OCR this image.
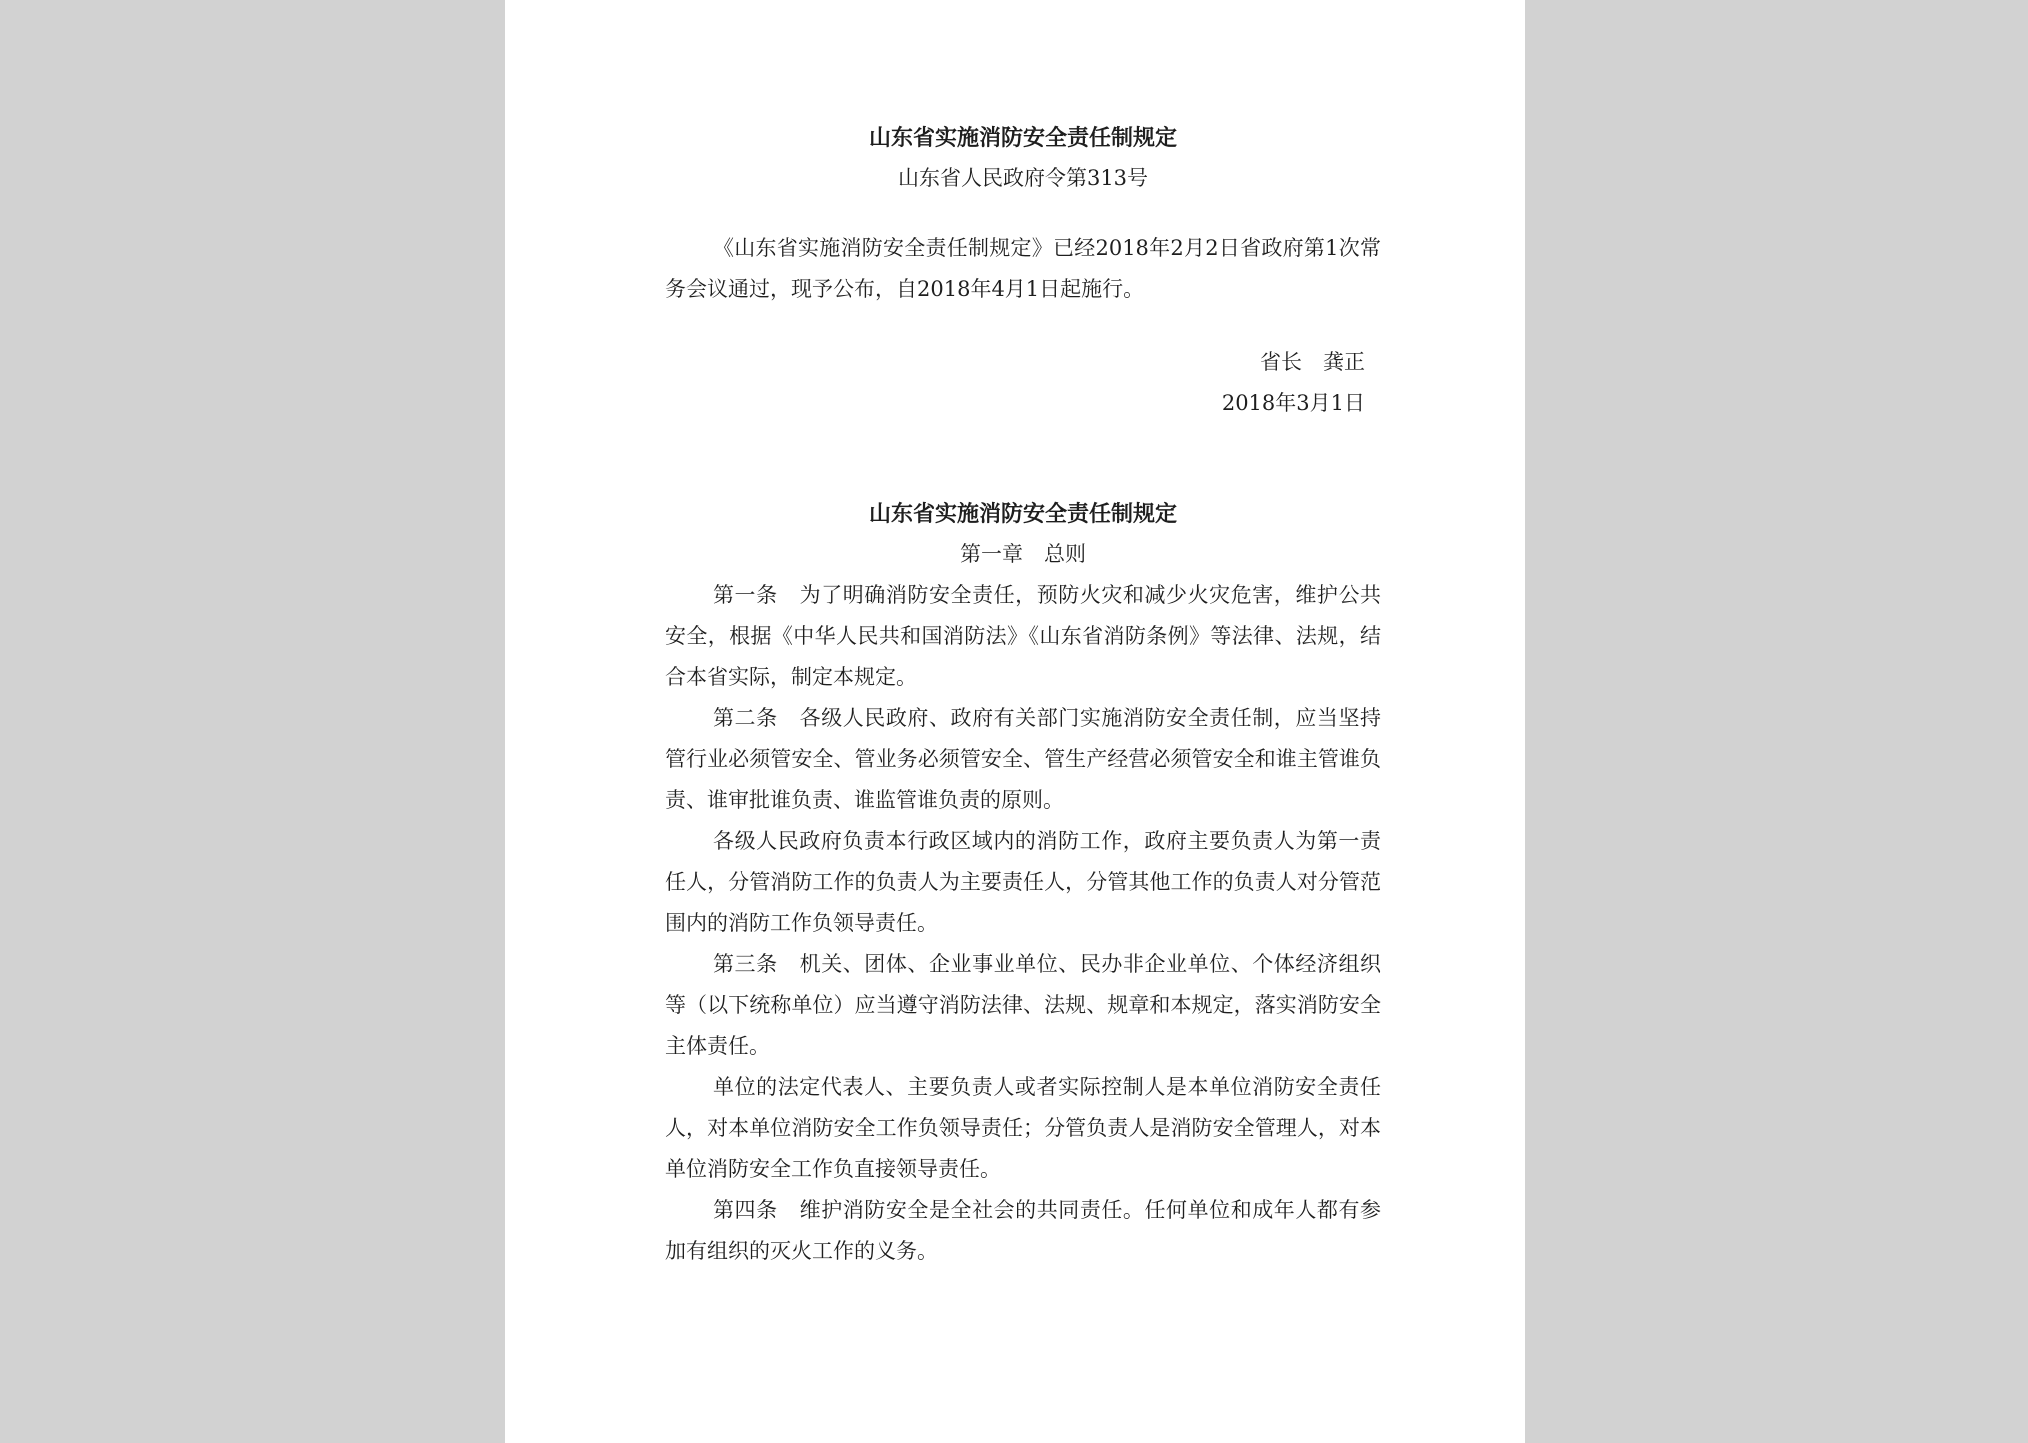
山东省实施消防安全责任制规定
山东省人民政府令第313号

《山东省实施消防安全责任制规定》已经2018年2月2日省政府第1次常务会议通过，现予公布，自2018年4月1日起施行。

省长　龚正
2018年3月1日
山东省实施消防安全责任制规定
第一章　总则

第一条 为了明确消防安全责任，预防火灾和减少火灾危害，维护公共安全，根据《中华人民共和国消防法》《山东省消防条例》等法律、法规，结合本省实际，制定本规定。

第二条 各级人民政府、政府有关部门实施消防安全责任制，应当坚持管行业必须管安全、管业务必须管安全、管生产经营必须管安全和谁主管谁负责、谁审批谁负责、谁监管谁负责的原则。

各级人民政府负责本行政区域内的消防工作，政府主要负责人为第一责任人，分管消防工作的负责人为主要责任人，分管其他工作的负责人对分管范围内的消防工作负领导责任。

第三条 机关、团体、企业事业单位、民办非企业单位、个体经济组织等（以下统称单位）应当遵守消防法律、法规、规章和本规定，落实消防安全主体责任。

单位的法定代表人、主要负责人或者实际控制人是本单位消防安全责任人，对本单位消防安全工作负领导责任；分管负责人是消防安全管理人，对本单位消防安全工作负直接领导责任。

第四条 维护消防安全是全社会的共同责任。任何单位和成年人都有参加有组织的灭火工作的义务。
